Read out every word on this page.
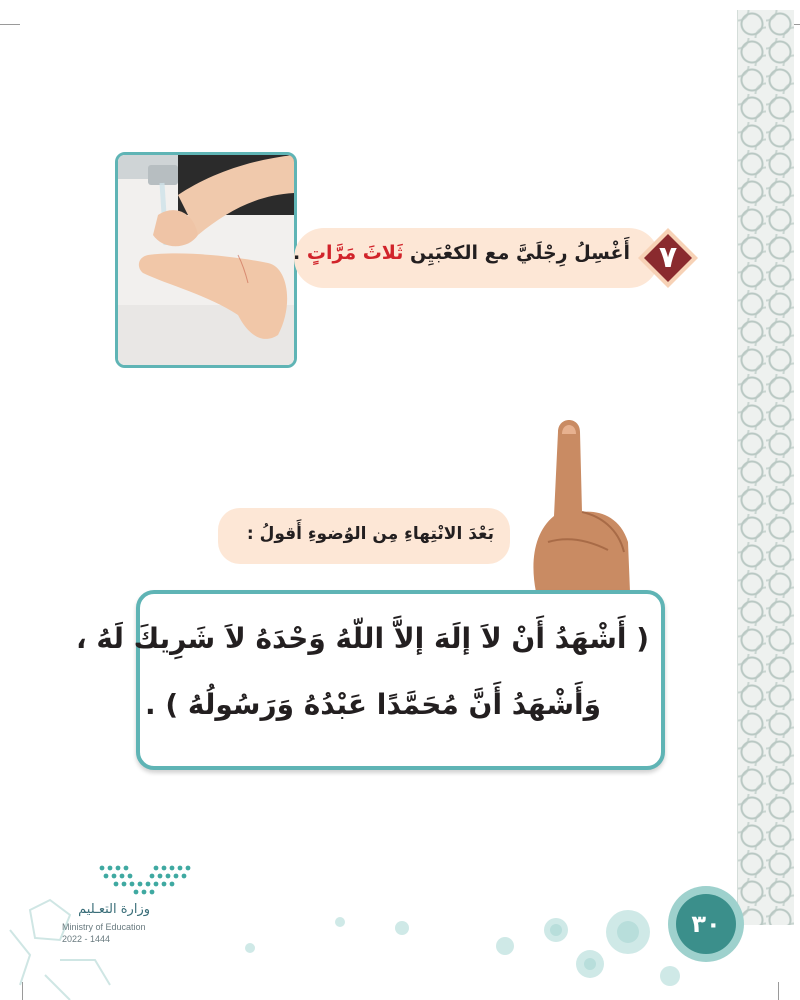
أَغْسِلُ رِجْلَيَّ مع الكعْبَيِن ثَلاثَ مَرَّاتٍ .	٧
بَعْدَ الانْتِهاءِ مِن الوُضوءِ أَقولُ :
( أَشْهَدُ أَنْ لاَ إلَهَ إلاَّ اللّهُ وَحْدَهُ لاَ شَرِيكَ لَهُ ،
وَأَشْهَدُ أَنَّ مُحَمَّدًا عَبْدُهُ وَرَسُولُهُ ) .
٣٠
وزارة التعـليم
Ministry of Education
2022 - 1444
